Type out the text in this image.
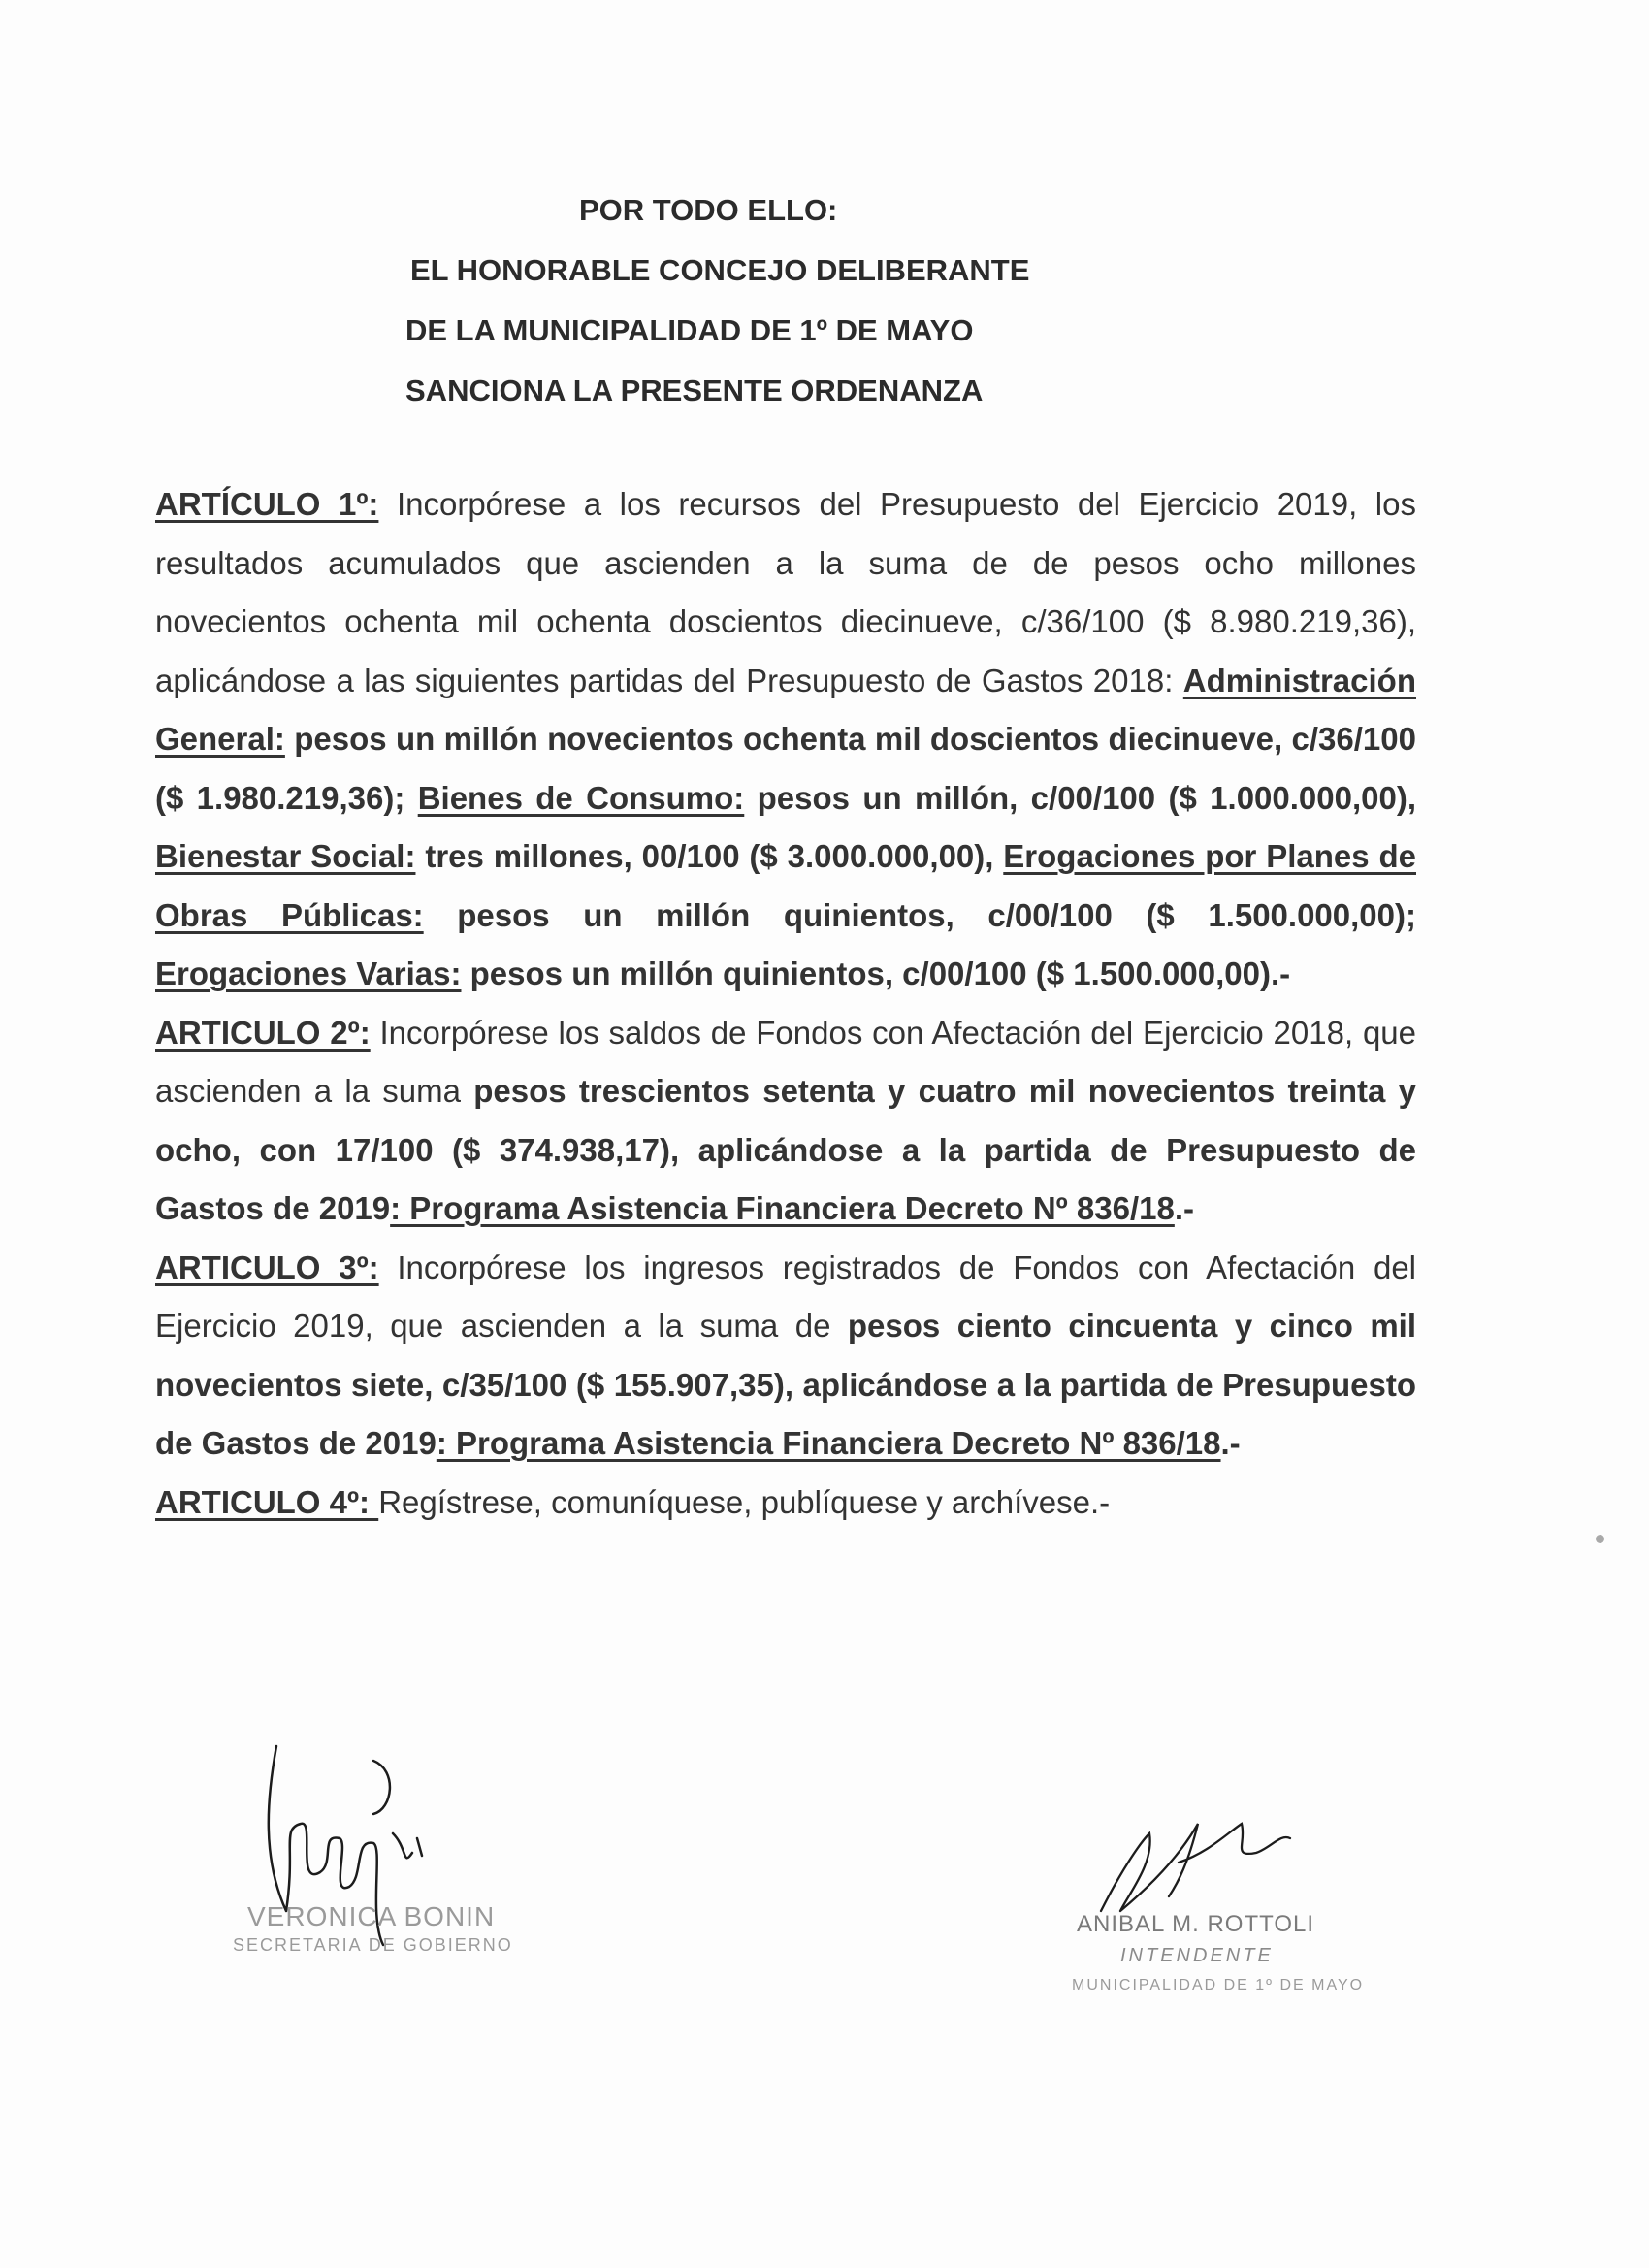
POR TODO ELLO:
EL HONORABLE CONCEJO DELIBERANTE
DE LA MUNICIPALIDAD DE 1º DE MAYO
SANCIONA LA PRESENTE ORDENANZA

ARTÍCULO 1º: Incorpórese a los recursos del Presupuesto del Ejercicio 2019, los resultados acumulados que ascienden a la suma de de pesos ocho millones novecientos ochenta mil ochenta doscientos diecinueve, c/36/100 ($ 8.980.219,36), aplicándose a las siguientes partidas del Presupuesto de Gastos 2018: Administración General: pesos un millón novecientos ochenta mil doscientos diecinueve, c/36/100 ($ 1.980.219,36); Bienes de Consumo: pesos un millón, c/00/100 ($ 1.000.000,00), Bienestar Social: tres millones, 00/100 ($ 3.000.000,00), Erogaciones por Planes de Obras Públicas: pesos un millón quinientos, c/00/100 ($ 1.500.000,00); Erogaciones Varias: pesos un millón quinientos, c/00/100 ($ 1.500.000,00).-

ARTICULO 2º: Incorpórese los saldos de Fondos con Afectación del Ejercicio 2018, que ascienden a la suma pesos trescientos setenta y cuatro mil novecientos treinta y ocho, con 17/100 ($ 374.938,17), aplicándose a la partida de Presupuesto de Gastos de 2019: Programa Asistencia Financiera Decreto Nº 836/18.-

ARTICULO 3º: Incorpórese los ingresos registrados de Fondos con Afectación del Ejercicio 2019, que ascienden a la suma de pesos ciento cincuenta y cinco mil novecientos siete, c/35/100 ($ 155.907,35), aplicándose a la partida de Presupuesto de Gastos de 2019: Programa Asistencia Financiera Decreto Nº 836/18.-

ARTICULO 4º: Regístrese, comuníquese, publíquese y archívese.-

VERONICA BONIN
SECRETARIA DE GOBIERNO
ANIBAL M. ROTTOLI
INTENDENTE
MUNICIPALIDAD DE 1º DE MAYO
